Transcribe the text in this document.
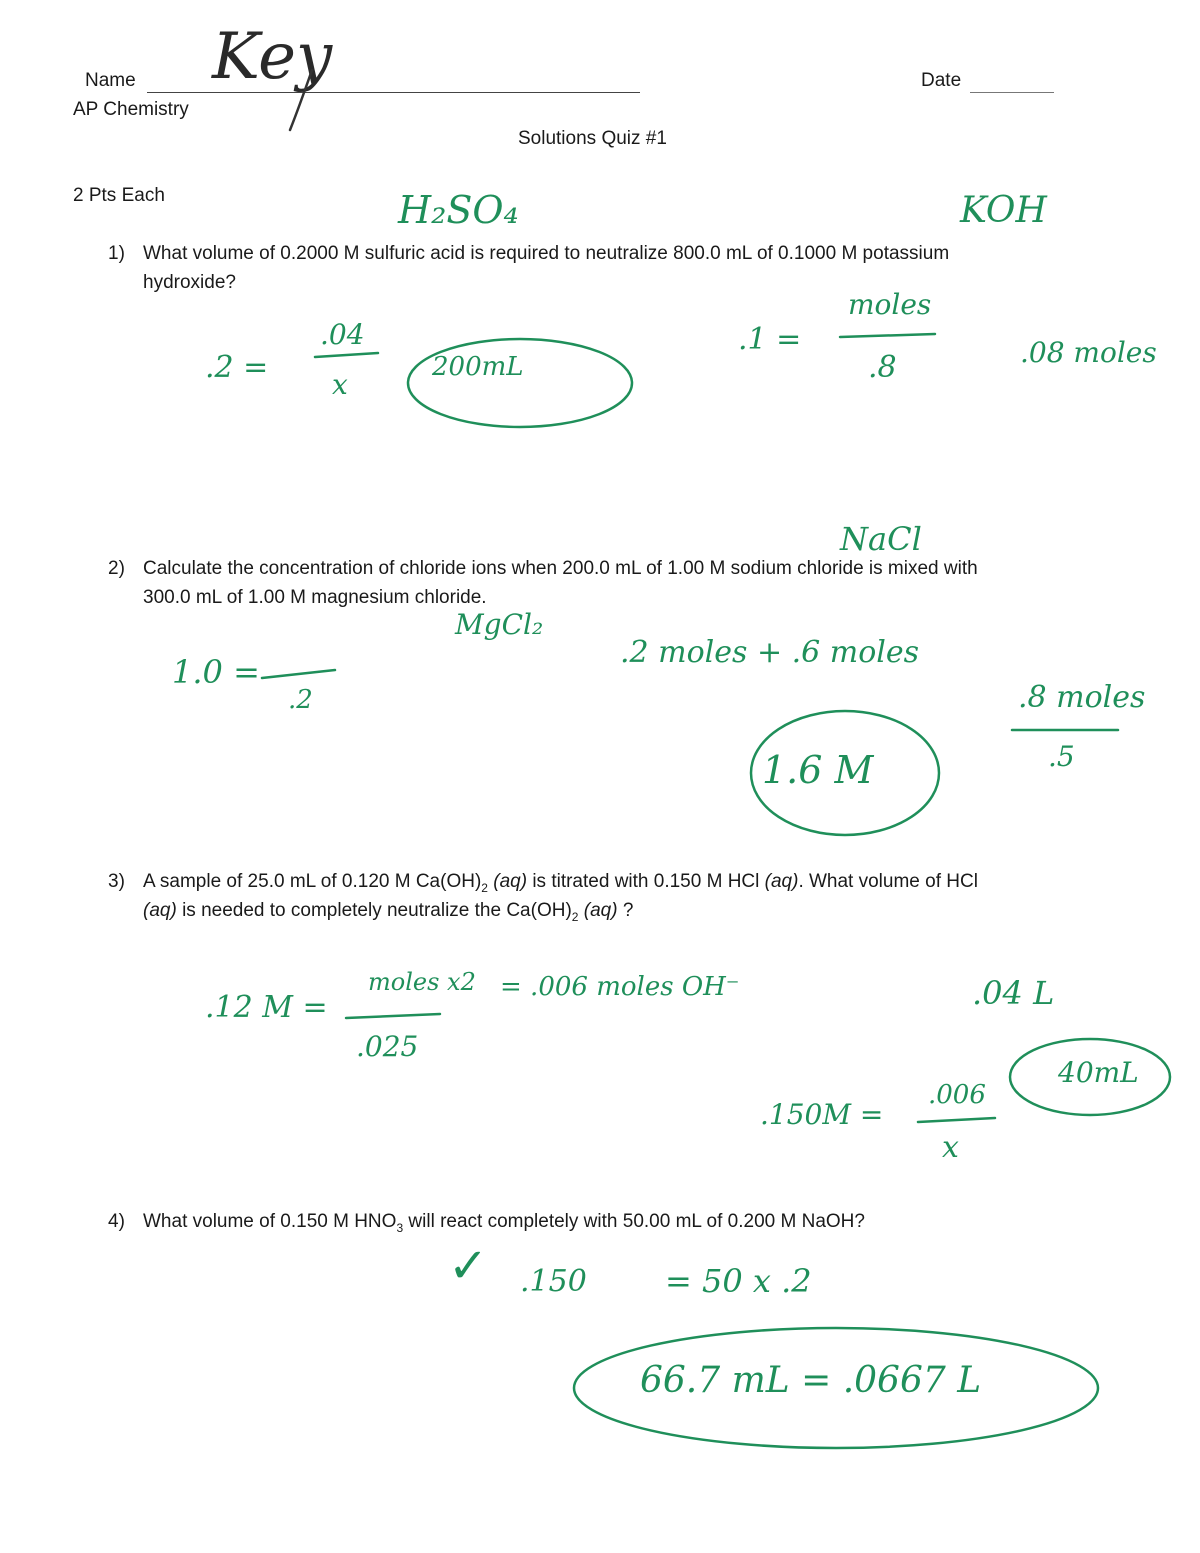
Name
AP Chemistry
Date
Solutions Quiz #1
2 Pts Each
1) What volume of 0.2000 M sulfuric acid is required to neutralize 800.0 mL of 0.1000 M potassium
hydroxide?
2) Calculate the concentration of chloride ions when 200.0 mL of 1.00 M sodium chloride is mixed with
300.0 mL of 1.00 M magnesium chloride.
3) A sample of 25.0 mL of 0.120 M $Ca(OH)_2$ (aq) is titrated with 0.150 M HCl (aq). What volume of HCl
(aq) is needed to completely neutralize the $Ca(OH)_2$ (aq) ?
4) What volume of 0.150 M $HNO_3$ will react completely with 50.00 mL of 0.200 M NaOH?
Key
H₂SO₄	KOH
.2 =
.04
x
200mL
.1 =
moles
.8	.08 moles
NaCl
MgCl₂
1.0 =
.2
.2 moles + .6 moles
1.6 M
.8 moles
.5
.12 M =
moles x2
.025
= .006 moles OH⁻	.04 L
.150M =
.006
x
40mL
✓ .150 = 50 x .2
66.7 mL = .0667 L
